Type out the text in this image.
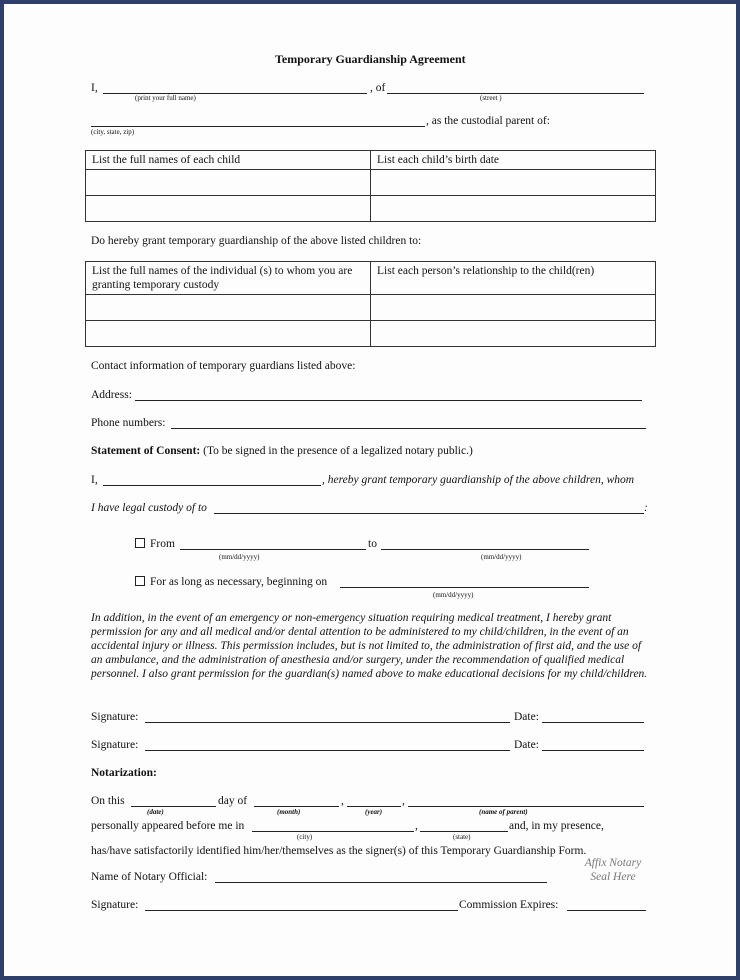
Temporary Guardianship Agreement
I,	, of
(print your full name)	(street )
, as the custodial parent of:
(city, state, zip)
List the full names of each child	List each child’s birth date

Do hereby grant temporary guardianship of the above listed children to:
List the full names of the individual (s) to whom you are
granting temporary custody	List each person’s relationship to the child(ren)

Contact information of temporary guardians listed above:
Address:
Phone numbers:
Statement of Consent: (To be signed in the presence of a legalized notary public.)
I,	, hereby grant temporary guardianship of the above children, whom
I have legal custody of to	:
From	to
(mm/dd/yyyy)	(mm/dd/yyyy)
For as long as necessary, beginning on
(mm/dd/yyyy)
In addition, in the event of an emergency or non-emergency situation requiring medical treatment, I hereby grant permission for any and all medical and/or dental attention to be administered to my child/children, in the event of an accidental injury or illness. This permission includes, but is not limited to, the administration of first aid, and the use of an ambulance, and the administration of anesthesia and/or surgery, under the recommendation of qualified medical personnel. I also grant permission for the guardian(s) named above to make educational decisions for my child/children.
Signature:	Date:
Signature:	Date:
Notarization:
On this	day of	,	,
(date)	(month)	(year)	(name of parent)
personally appeared before me in	,	and, in my presence,
(city)	(state)
has/have satisfactorily identified him/her/themselves as the signer(s) of this Temporary Guardianship Form.
Affix Notary
Seal Here
Name of Notary Official:
Signature:	Commission Expires:
